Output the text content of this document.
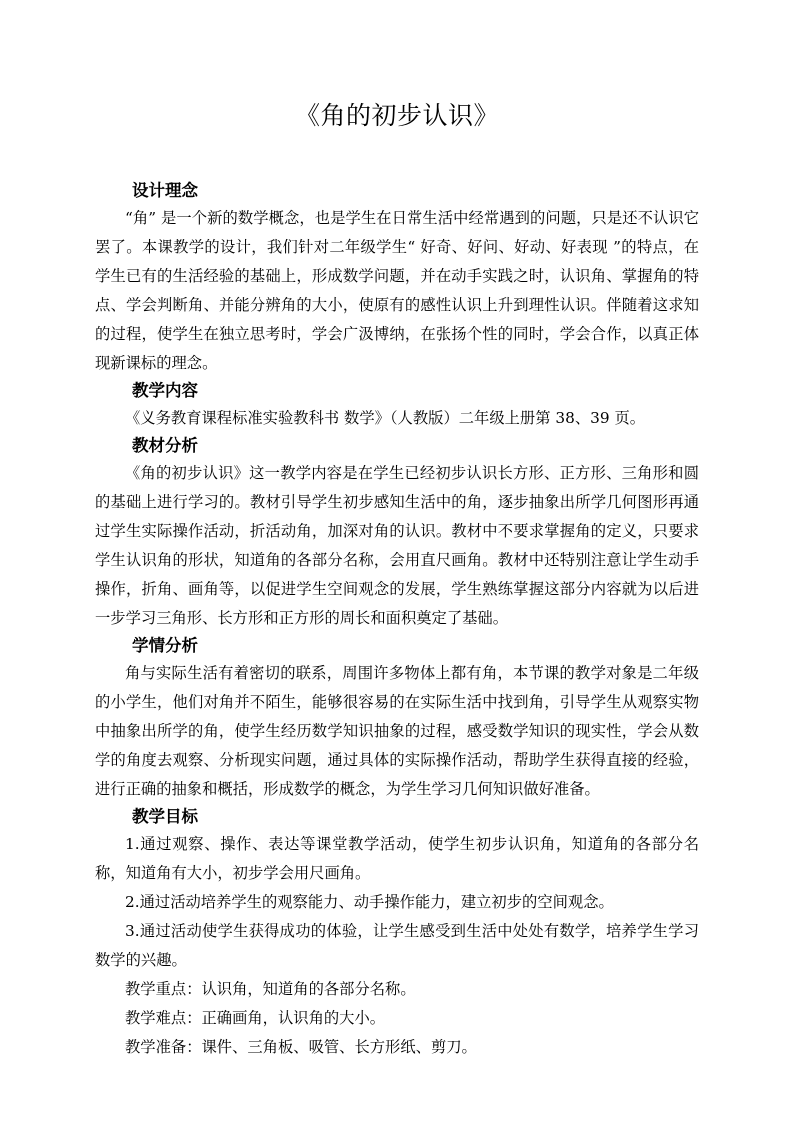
《角的初步认识》
设计理念

“角” 是一个新的数学概念，也是学生在日常生活中经常遇到的问题，只是还不认识它罢了。本课教学的设计，我们针对二年级学生“ 好奇、好问、好动、好表现 ”的特点，在学生已有的生活经验的基础上，形成数学问题，并在动手实践之时，认识角、掌握角的特点、学会判断角、并能分辨角的大小，使原有的感性认识上升到理性认识。伴随着这求知的过程，使学生在独立思考时，学会广汲博纳，在张扬个性的同时，学会合作，以真正体现新课标的理念。

教学内容

《义务教育课程标准实验教科书 数学》（人教版）二年级上册第 38、39 页。

教材分析

《角的初步认识》这一教学内容是在学生已经初步认识长方形、正方形、三角形和圆的基础上进行学习的。教材引导学生初步感知生活中的角，逐步抽象出所学几何图形再通过学生实际操作活动，折活动角，加深对角的认识。教材中不要求掌握角的定义，只要求学生认识角的形状，知道角的各部分名称，会用直尺画角。教材中还特别注意让学生动手操作，折角、画角等，以促进学生空间观念的发展，学生熟练掌握这部分内容就为以后进一步学习三角形、长方形和正方形的周长和面积奠定了基础。

学情分析

角与实际生活有着密切的联系，周围许多物体上都有角，本节课的教学对象是二年级的小学生，他们对角并不陌生，能够很容易的在实际生活中找到角，引导学生从观察实物中抽象出所学的角，使学生经历数学知识抽象的过程，感受数学知识的现实性，学会从数学的角度去观察、分析现实问题，通过具体的实际操作活动，帮助学生获得直接的经验，进行正确的抽象和概括，形成数学的概念，为学生学习几何知识做好准备。

教学目标

1.通过观察、操作、表达等课堂教学活动，使学生初步认识角，知道角的各部分名称，知道角有大小，初步学会用尺画角。

2.通过活动培养学生的观察能力、动手操作能力，建立初步的空间观念。

3.通过活动使学生获得成功的体验，让学生感受到生活中处处有数学，培养学生学习数学的兴趣。

教学重点：认识角，知道角的各部分名称。

教学难点：正确画角，认识角的大小。

教学准备：课件、三角板、吸管、长方形纸、剪刀。
